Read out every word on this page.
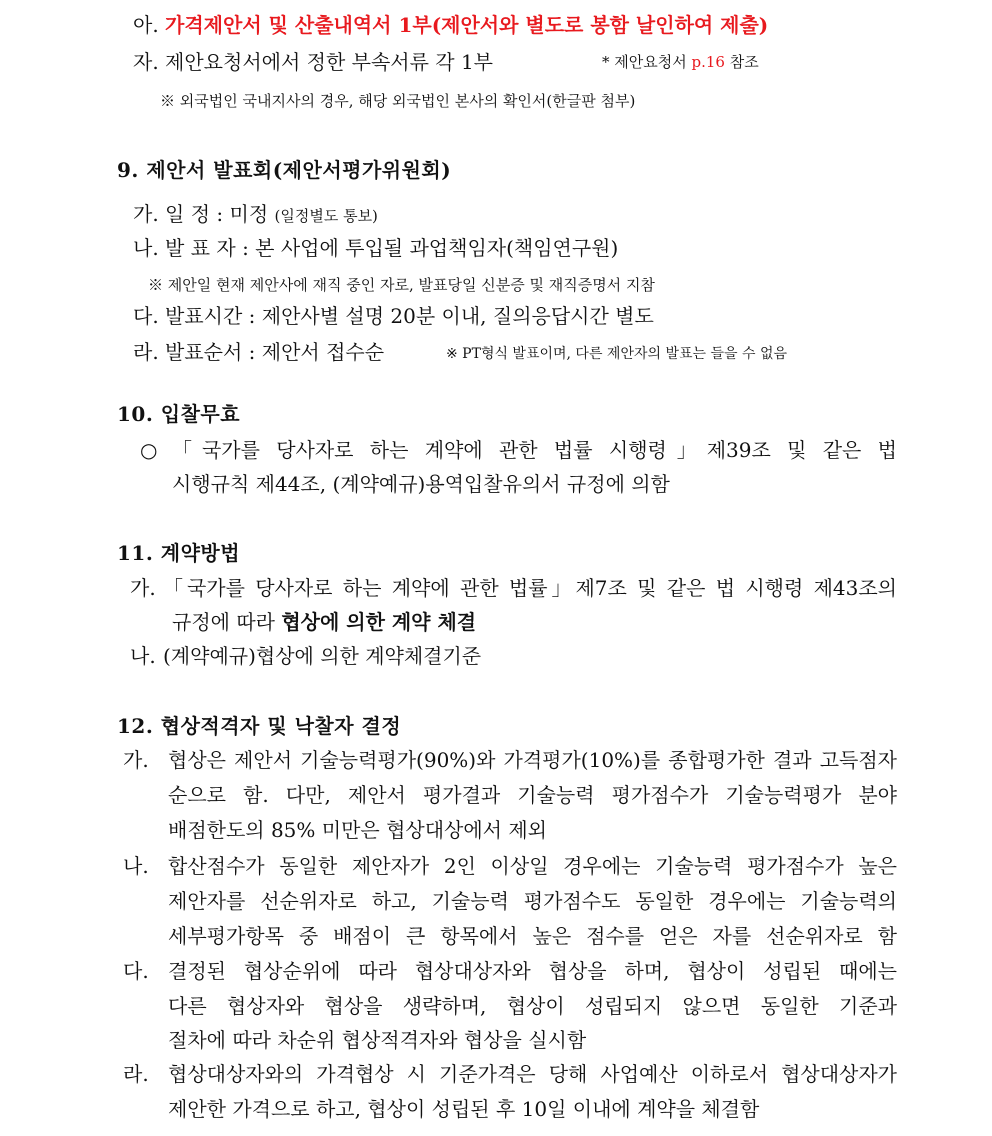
아. 가격제안서 및 산출내역서 1부(제안서와 별도로 봉함 날인하여 제출)
자. 제안요청서에서 정한 부속서류 각 1부	* 제안요청서 p.16 참조
※ 외국법인 국내지사의 경우, 해당 외국법인 본사의 확인서(한글판 첨부)
9. 제안서 발표회(제안서평가위원회)
가. 일 정 : 미정 (일정별도 통보)
나. 발 표 자 : 본 사업에 투입될 과업책임자(책임연구원)
※ 제안일 현재 제안사에 재직 중인 자로, 발표당일 신분증 및 재직증명서 지참
다. 발표시간 : 제안사별 설명 20분 이내, 질의응답시간 별도
라. 발표순서 : 제안서 접수순	※ PT형식 발표이며, 다른 제안자의 발표는 들을 수 없음
10. 입찰무효
○ 「국가를 당사자로 하는 계약에 관한 법률 시행령」제39조 및 같은 법
시행규칙 제44조, (계약예규)용역입찰유의서 규정에 의함
11. 계약방법
가. 「국가를 당사자로 하는 계약에 관한 법률」제7조 및 같은 법 시행령 제43조의
규정에 따라 협상에 의한 계약 체결
나. (계약예규)협상에 의한 계약체결기준
12. 협상적격자 및 낙찰자 결정
가. 협상은 제안서 기술능력평가(90%)와 가격평가(10%)를 종합평가한 결과 고득점자
순으로 함. 다만, 제안서 평가결과 기술능력 평가점수가 기술능력평가 분야
배점한도의 85% 미만은 협상대상에서 제외
나. 합산점수가 동일한 제안자가 2인 이상일 경우에는 기술능력 평가점수가 높은
제안자를 선순위자로 하고, 기술능력 평가점수도 동일한 경우에는 기술능력의
세부평가항목 중 배점이 큰 항목에서 높은 점수를 얻은 자를 선순위자로 함
다. 결정된 협상순위에 따라 협상대상자와 협상을 하며, 협상이 성립된 때에는
다른 협상자와 협상을 생략하며, 협상이 성립되지 않으면 동일한 기준과
절차에 따라 차순위 협상적격자와 협상을 실시함
라. 협상대상자와의 가격협상 시 기준가격은 당해 사업예산 이하로서 협상대상자가
제안한 가격으로 하고, 협상이 성립된 후 10일 이내에 계약을 체결함
